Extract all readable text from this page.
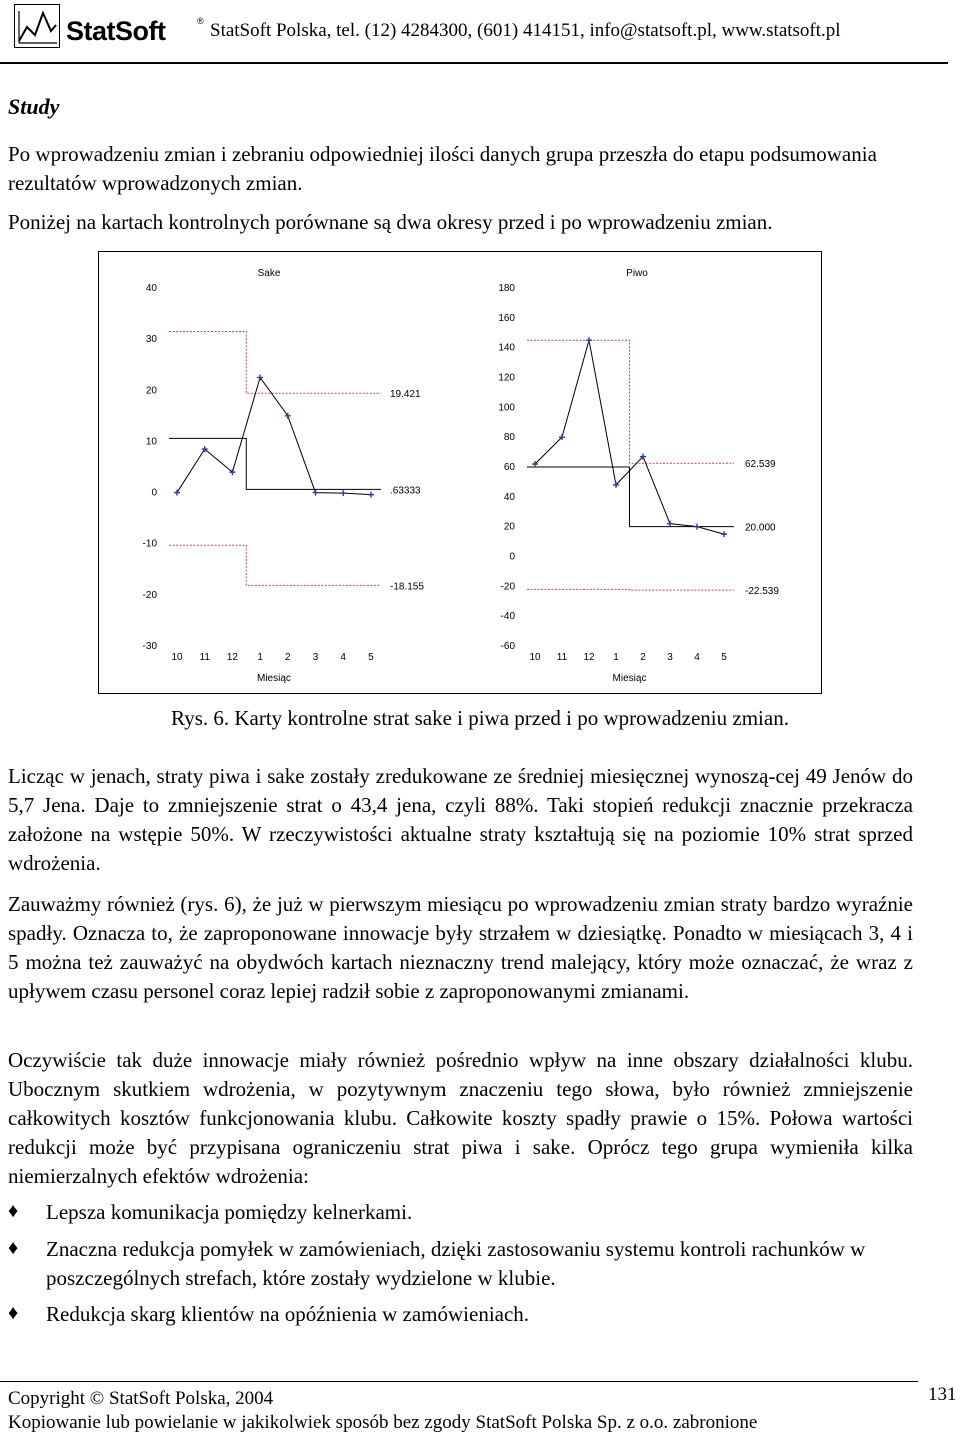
StatSoft	® StatSoft Polska, tel. (12) 4284300, (601) 414151, info@statsoft.pl, www.statsoft.pl

Study

Po wprowadzeniu zmian i zebraniu odpowiedniej ilości danych grupa przeszła do etapu podsumowania rezultatów wprowadzonych zmian.

Poniżej na kartach kontrolnych porównane są dwa okresy przed i po wprowadzeniu zmian.

Sake
40
30
20
10
0
-10
-20
-30
10 11 12 1 2 3 4 5
Miesiąc
19.421
.63333
-18.155
Piwo
180
160
140
120
100
80
60
40
20
0
-20
-40
-60
10 11 12 1 2 3 4 5
Miesiąc
62.539
20.000
-22.539
Rys. 6. Karty kontrolne strat sake i piwa przed i po wprowadzeniu zmian.

Licząc w jenach, straty piwa i sake zostały zredukowane ze średniej miesięcznej wynoszą-cej 49 Jenów do 5,7 Jena. Daje to zmniejszenie strat o 43,4 jena, czyli 88%. Taki stopień redukcji znacznie przekracza założone na wstępie 50%. W rzeczywistości aktualne straty kształtują się na poziomie 10% strat sprzed wdrożenia.

Zauważmy również (rys. 6), że już w pierwszym miesiącu po wprowadzeniu zmian straty bardzo wyraźnie spadły. Oznacza to, że zaproponowane innowacje były strzałem w dziesiątkę. Ponadto w miesiącach 3, 4 i 5 można też zauważyć na obydwóch kartach nieznaczny trend malejący, który może oznaczać, że wraz z upływem czasu personel coraz lepiej radził sobie z zaproponowanymi zmianami.

Oczywiście tak duże innowacje miały również pośrednio wpływ na inne obszary działalności klubu. Ubocznym skutkiem wdrożenia, w pozytywnym znaczeniu tego słowa, było również zmniejszenie całkowitych kosztów funkcjonowania klubu. Całkowite koszty spadły prawie o 15%. Połowa wartości redukcji może być przypisana ograniczeniu strat piwa i sake. Oprócz tego grupa wymieniła kilka niemierzalnych efektów wdrożenia:

♦ Lepsza komunikacja pomiędzy kelnerkami.

♦ Znaczna redukcja pomyłek w zamówieniach, dzięki zastosowaniu systemu kontroli rachunków w poszczególnych strefach, które zostały wydzielone w klubie.

♦ Redukcja skarg klientów na opóźnienia w zamówieniach.

Copyright © StatSoft Polska, 2004
Kopiowanie lub powielanie w jakikolwiek sposób bez zgody StatSoft Polska Sp. z o.o. zabronione
131
